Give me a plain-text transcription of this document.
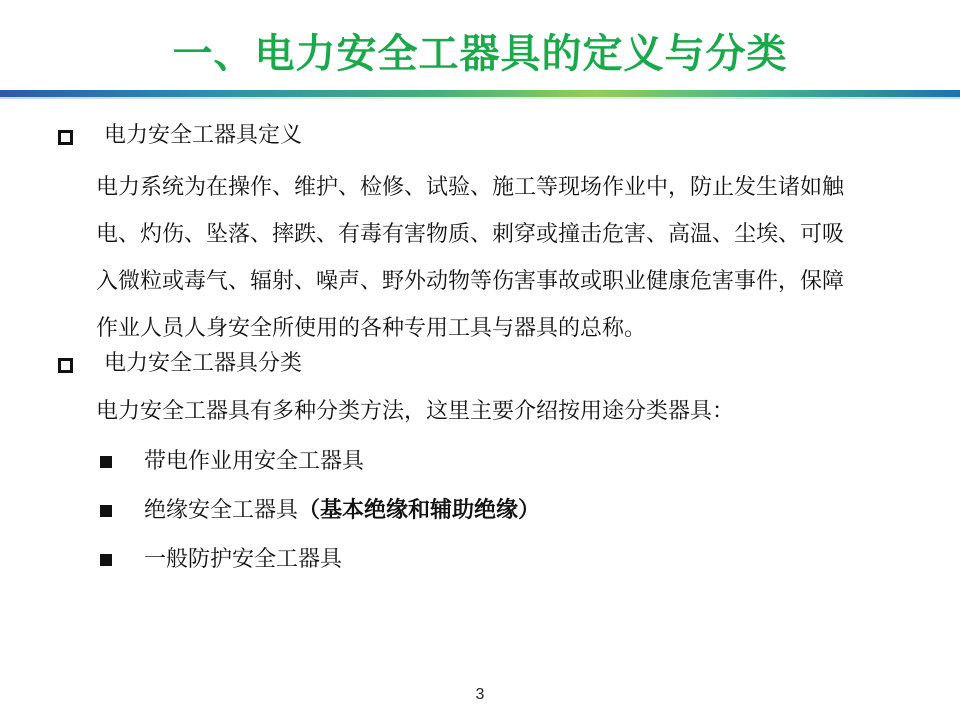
一、电力安全工器具的定义与分类
电力安全工器具定义
电力系统为在操作、维护、检修、试验、施工等现场作业中，防止发生诸如触
电、灼伤、坠落、摔跌、有毒有害物质、刺穿或撞击危害、高温、尘埃、可吸
入微粒或毒气、辐射、噪声、野外动物等伤害事故或职业健康危害事件，保障
作业人员人身安全所使用的各种专用工具与器具的总称。
电力安全工器具分类
电力安全工器具有多种分类方法，这里主要介绍按用途分类器具：
带电作业用安全工器具
绝缘安全工器具（基本绝缘和辅助绝缘）
一般防护安全工器具
3
